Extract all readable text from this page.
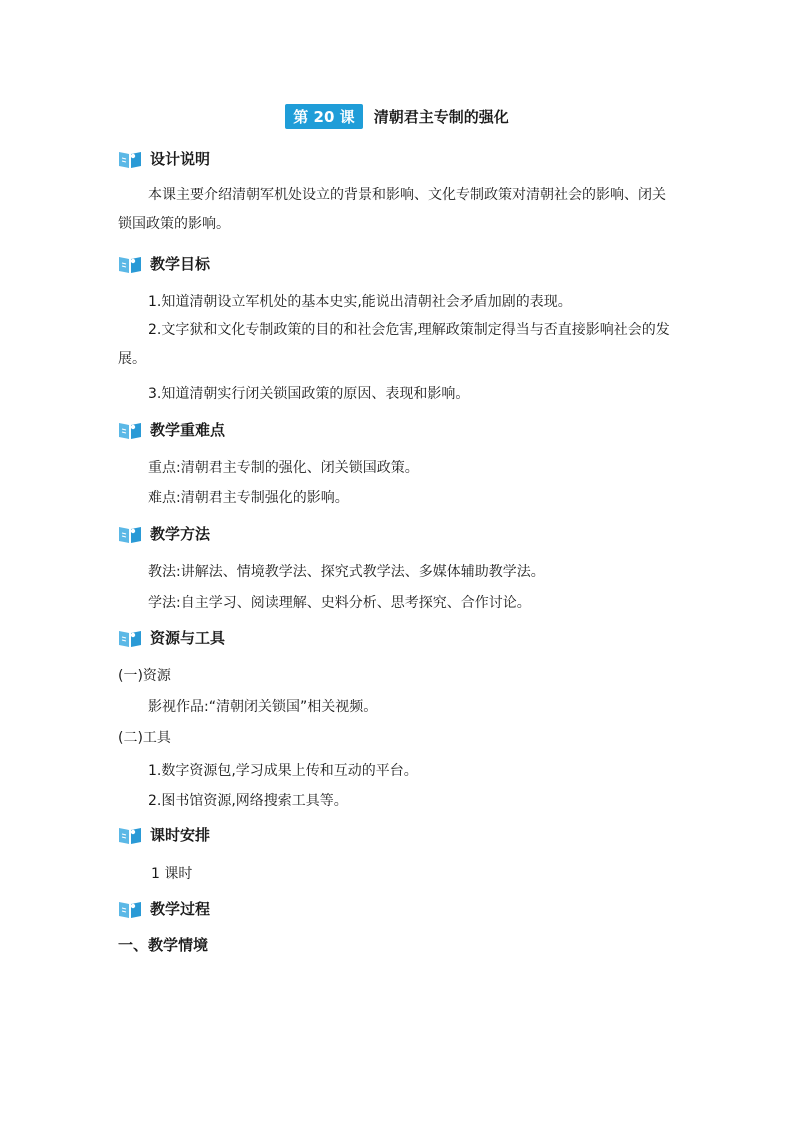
第 20 课 清朝君主专制的强化
设计说明
本课主要介绍清朝军机处设立的背景和影响、文化专制政策对清朝社会的影响、闭关锁国政策的影响。
教学目标
1.知道清朝设立军机处的基本史实,能说出清朝社会矛盾加剧的表现。
2.文字狱和文化专制政策的目的和社会危害,理解政策制定得当与否直接影响社会的发展。
3.知道清朝实行闭关锁国政策的原因、表现和影响。
教学重难点
重点:清朝君主专制的强化、闭关锁国政策。
难点:清朝君主专制强化的影响。
教学方法
教法:讲解法、情境教学法、探究式教学法、多媒体辅助教学法。
学法:自主学习、阅读理解、史料分析、思考探究、合作讨论。
资源与工具
(一)资源
影视作品:“清朝闭关锁国”相关视频。
(二)工具
1.数字资源包,学习成果上传和互动的平台。
2.图书馆资源,网络搜索工具等。
课时安排
1 课时
教学过程
一、教学情境
